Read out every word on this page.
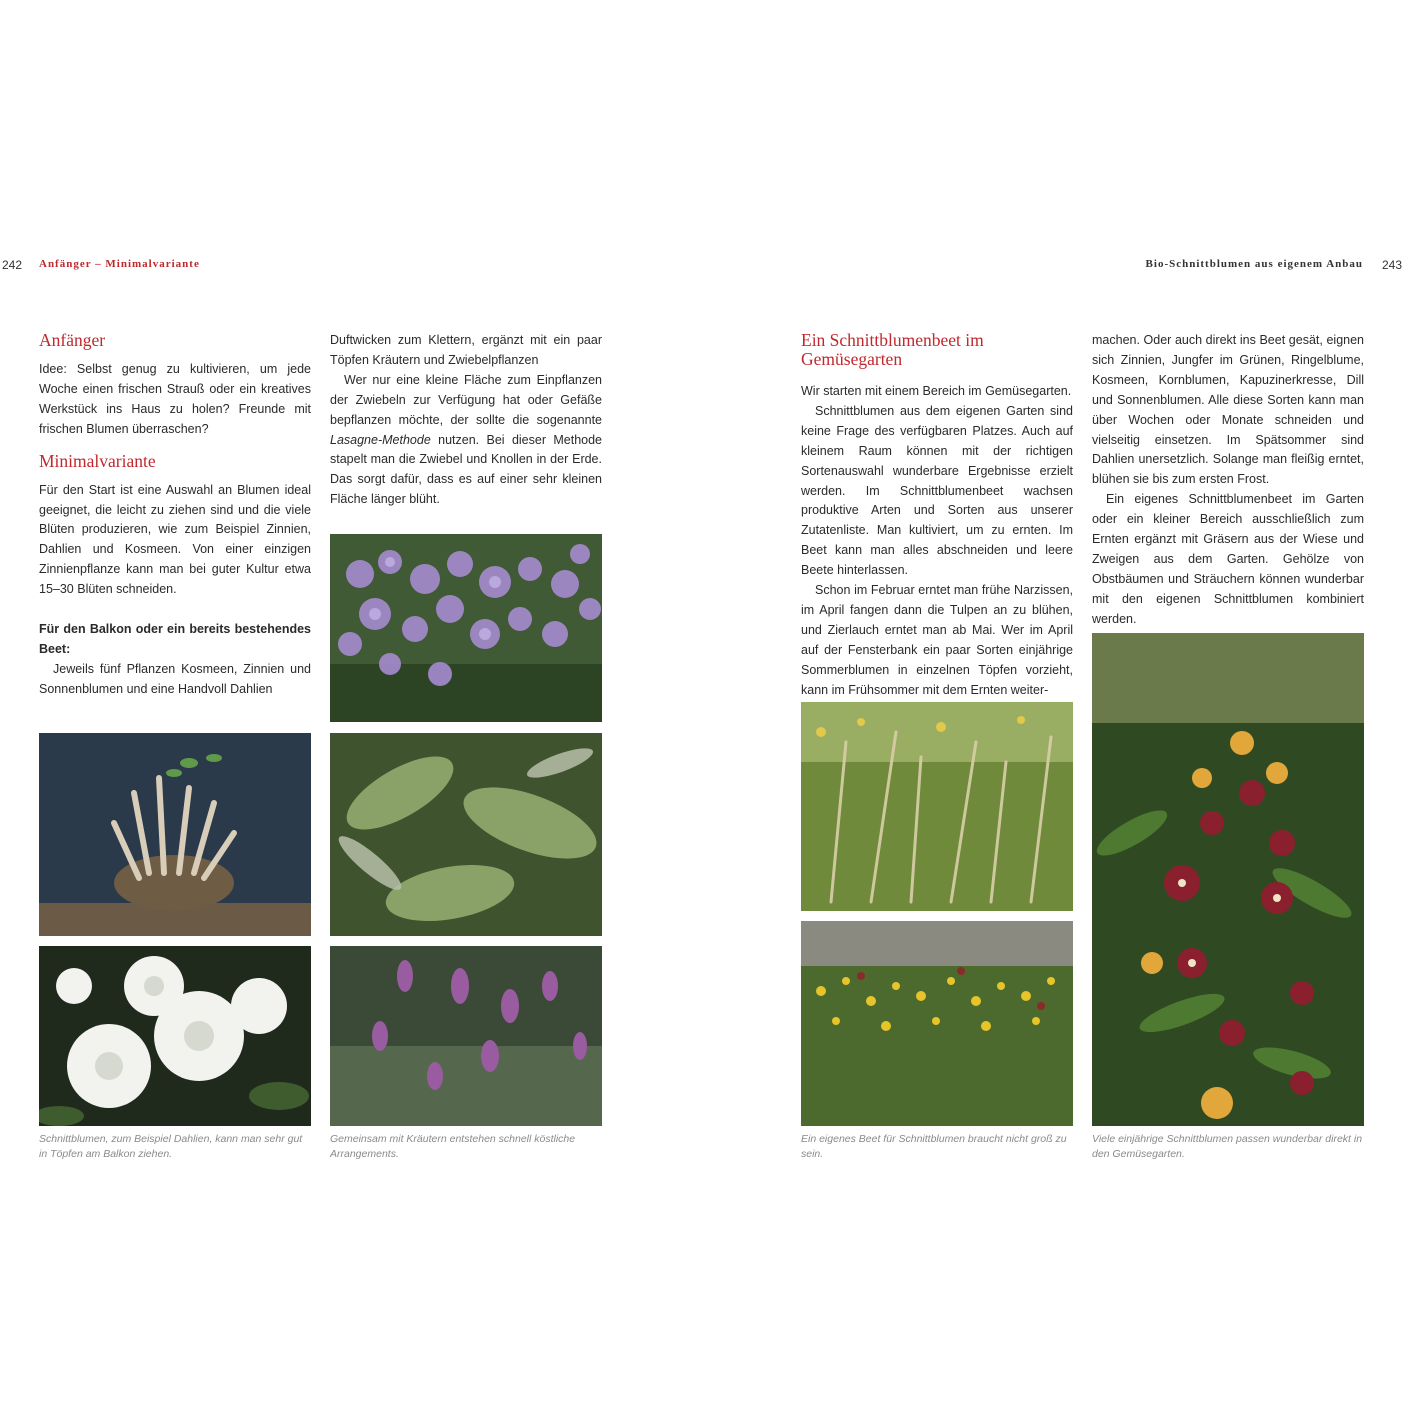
242 Anfänger – Minimalvariante
Anfänger

Idee: Selbst genug zu kultivieren, um jede Woche einen frischen Strauß oder ein kreatives Werkstück ins Haus zu holen? Freunde mit frischen Blumen überraschen?

Minimalvariante

Für den Start ist eine Auswahl an Blumen ideal geeignet, die leicht zu ziehen sind und die viele Blüten produzieren, wie zum Beispiel Zinnien, Dahlien und Kosmeen. Von einer einzigen Zinnienpflanze kann man bei guter Kultur etwa 15–30 Blüten schneiden.

Für den Balkon oder ein bereits bestehendes Beet:

Jeweils fünf Pflanzen Kosmeen, Zinnien und Sonnenblumen und eine Handvoll Dahlien

Duftwicken zum Klettern, ergänzt mit ein paar Töpfen Kräutern und Zwiebelpflanzen

Wer nur eine kleine Fläche zum Einpflanzen der Zwiebeln zur Verfügung hat oder Gefäße bepflanzen möchte, der sollte die sogenannte Lasagne-Methode nutzen. Bei dieser Methode stapelt man die Zwiebel und Knollen in der Erde. Das sorgt dafür, dass es auf einer sehr kleinen Fläche länger blüht.

Schnittblumen, zum Beispiel Dahlien, kann man sehr gut in Töpfen am Balkon ziehen.
Gemeinsam mit Kräutern entstehen schnell köstliche Arrangements.
Bio-Schnittblumen aus eigenem Anbau 243
Ein Schnittblumenbeet im Gemüsegarten

Wir starten mit einem Bereich im Gemüsegarten.

Schnittblumen aus dem eigenen Garten sind keine Frage des verfügbaren Platzes. Auch auf kleinem Raum können mit der richtigen Sortenauswahl wunderbare Ergebnisse erzielt werden. Im Schnittblumenbeet wachsen produktive Arten und Sorten aus unserer Zutatenliste. Man kultiviert, um zu ernten. Im Beet kann man alles abschneiden und leere Beete hinterlassen.

Schon im Februar erntet man frühe Narzissen, im April fangen dann die Tulpen an zu blühen, und Zierlauch erntet man ab Mai. Wer im April auf der Fensterbank ein paar Sorten einjährige Sommerblumen in einzelnen Töpfen vorzieht, kann im Frühsommer mit dem Ernten weiter-

machen. Oder auch direkt ins Beet gesät, eignen sich Zinnien, Jungfer im Grünen, Ringelblume, Kosmeen, Kornblumen, Kapuzinerkresse, Dill und Sonnenblumen. Alle diese Sorten kann man über Wochen oder Monate schneiden und vielseitig einsetzen. Im Spätsommer sind Dahlien unersetzlich. Solange man fleißig erntet, blühen sie bis zum ersten Frost.

Ein eigenes Schnittblumenbeet im Garten oder ein kleiner Bereich ausschließlich zum Ernten ergänzt mit Gräsern aus der Wiese und Zweigen aus dem Garten. Gehölze von Obstbäumen und Sträuchern können wunderbar mit den eigenen Schnittblumen kombiniert werden.

Ein eigenes Beet für Schnittblumen braucht nicht groß zu sein.
Viele einjährige Schnittblumen passen wunderbar direkt in den Gemüsegarten.
